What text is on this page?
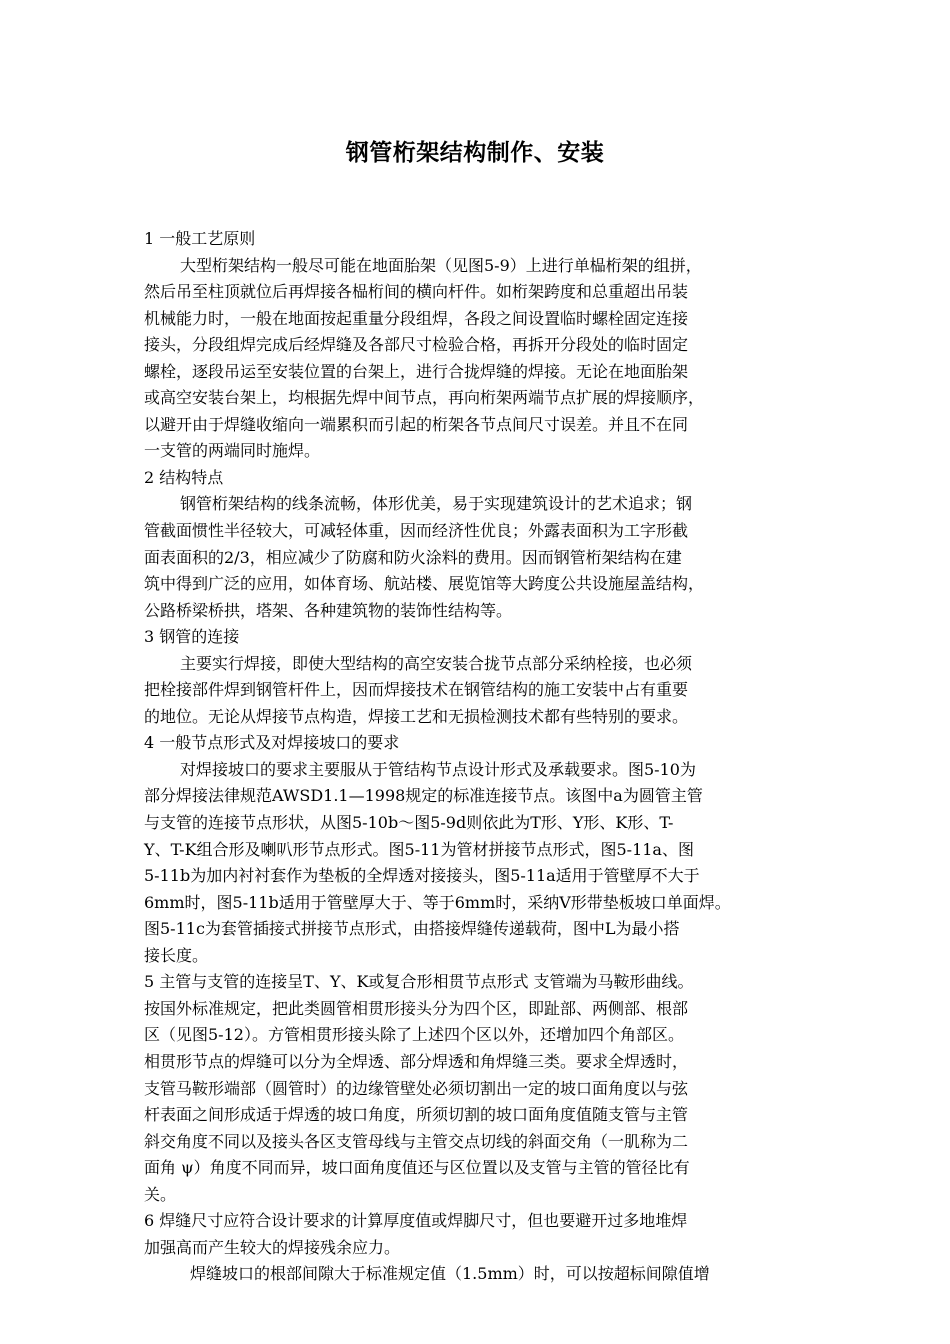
钢管桁架结构制作、安装
1 一般工艺原则
大型桁架结构一般尽可能在地面胎架（见图5-9）上进行单榀桁架的组拼，
然后吊至柱顶就位后再焊接各榀桁间的横向杆件。如桁架跨度和总重超出吊装
机械能力时，一般在地面按起重量分段组焊，各段之间设置临时螺栓固定连接
接头，分段组焊完成后经焊缝及各部尺寸检验合格，再拆开分段处的临时固定
螺栓，逐段吊运至安装位置的台架上，进行合拢焊缝的焊接。无论在地面胎架
或高空安装台架上，均根据先焊中间节点，再向桁架两端节点扩展的焊接顺序，
以避开由于焊缝收缩向一端累积而引起的桁架各节点间尺寸误差。并且不在同
一支管的两端同时施焊。
2 结构特点
钢管桁架结构的线条流畅，体形优美，易于实现建筑设计的艺术追求；钢
管截面惯性半径较大，可减轻体重，因而经济性优良；外露表面积为工字形截
面表面积的2/3，相应减少了防腐和防火涂料的费用。因而钢管桁架结构在建
筑中得到广泛的应用，如体育场、航站楼、展览馆等大跨度公共设施屋盖结构，
公路桥梁桥拱，塔架、各种建筑物的装饰性结构等。
3 钢管的连接
主要实行焊接，即使大型结构的高空安装合拢节点部分采纳栓接，也必须
把栓接部件焊到钢管杆件上，因而焊接技术在钢管结构的施工安装中占有重要
的地位。无论从焊接节点构造，焊接工艺和无损检测技术都有些特别的要求。
4 一般节点形式及对焊接坡口的要求
对焊接坡口的要求主要服从于管结构节点设计形式及承载要求。图5-10为
部分焊接法律规范AWSD1.1—1998规定的标准连接节点。该图中a为圆管主管
与支管的连接节点形状，从图5-10b～图5-9d则依此为T形、Y形、K形、T-
Y、T-K组合形及喇叭形节点形式。图5-11为管材拼接节点形式，图5-11a、图
5-11b为加内衬衬套作为垫板的全焊透对接接头，图5-11a适用于管壁厚不大于
6mm时，图5-11b适用于管壁厚大于、等于6mm时，采纳V形带垫板坡口单面焊。
图5-11c为套管插接式拼接节点形式，由搭接焊缝传递载荷，图中L为最小搭
接长度。
5 主管与支管的连接呈T、Y、K或复合形相贯节点形式 支管端为马鞍形曲线。
按国外标准规定，把此类圆管相贯形接头分为四个区，即趾部、两侧部、根部
区（见图5-12）。方管相贯形接头除了上述四个区以外，还增加四个角部区。
相贯形节点的焊缝可以分为全焊透、部分焊透和角焊缝三类。要求全焊透时，
支管马鞍形端部（圆管时）的边缘管壁处必须切割出一定的坡口面角度以与弦
杆表面之间形成适于焊透的坡口角度，所须切割的坡口面角度值随支管与主管
斜交角度不同以及接头各区支管母线与主管交点切线的斜面交角（一肌称为二
面角 ψ）角度不同而异，坡口面角度值还与区位置以及支管与主管的管径比有
关。
6 焊缝尺寸应符合设计要求的计算厚度值或焊脚尺寸，但也要避开过多地堆焊
加强高而产生较大的焊接残余应力。
焊缝坡口的根部间隙大于标准规定值（1.5mm）时，可以按超标间隙值增
